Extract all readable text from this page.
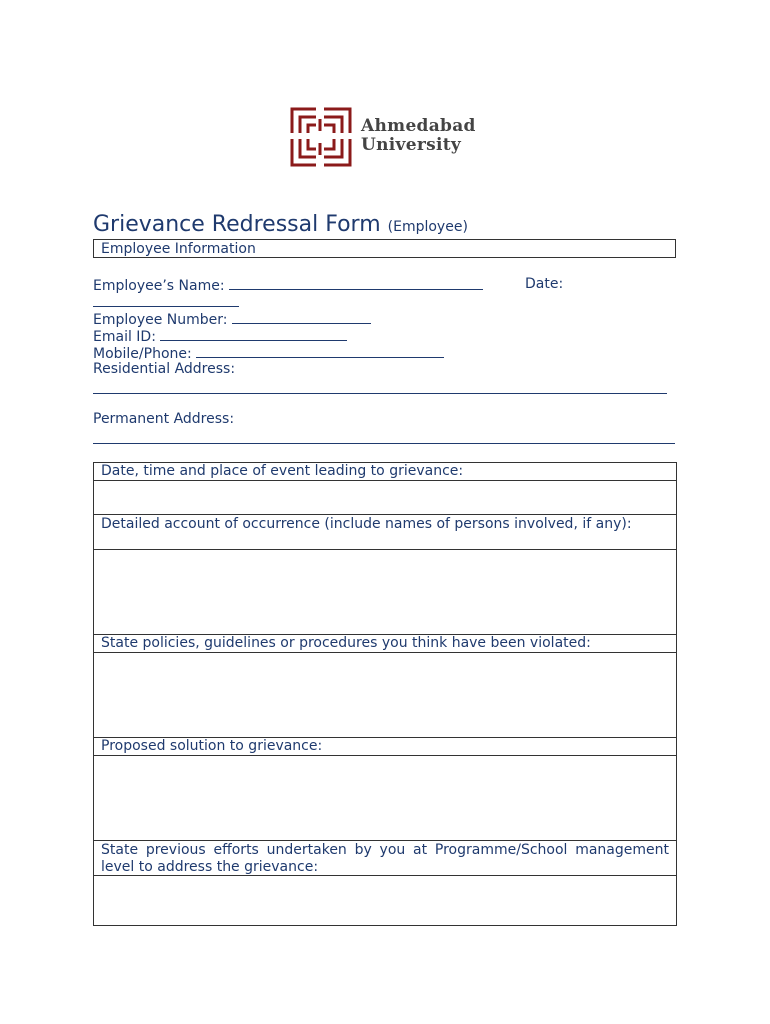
Ahmedabad
University
Grievance Redressal Form (Employee)
Employee Information
Employee’s Name:	Date:
Employee Number:
Email ID:
Mobile/Phone:
Residential Address:
Permanent Address:
Date, time and place of event leading to grievance:
Detailed account of occurrence (include names of persons involved, if any):
State policies, guidelines or procedures you think have been violated:
Proposed solution to grievance:
State previous efforts undertaken by you at Programme/School management level to address the grievance:
